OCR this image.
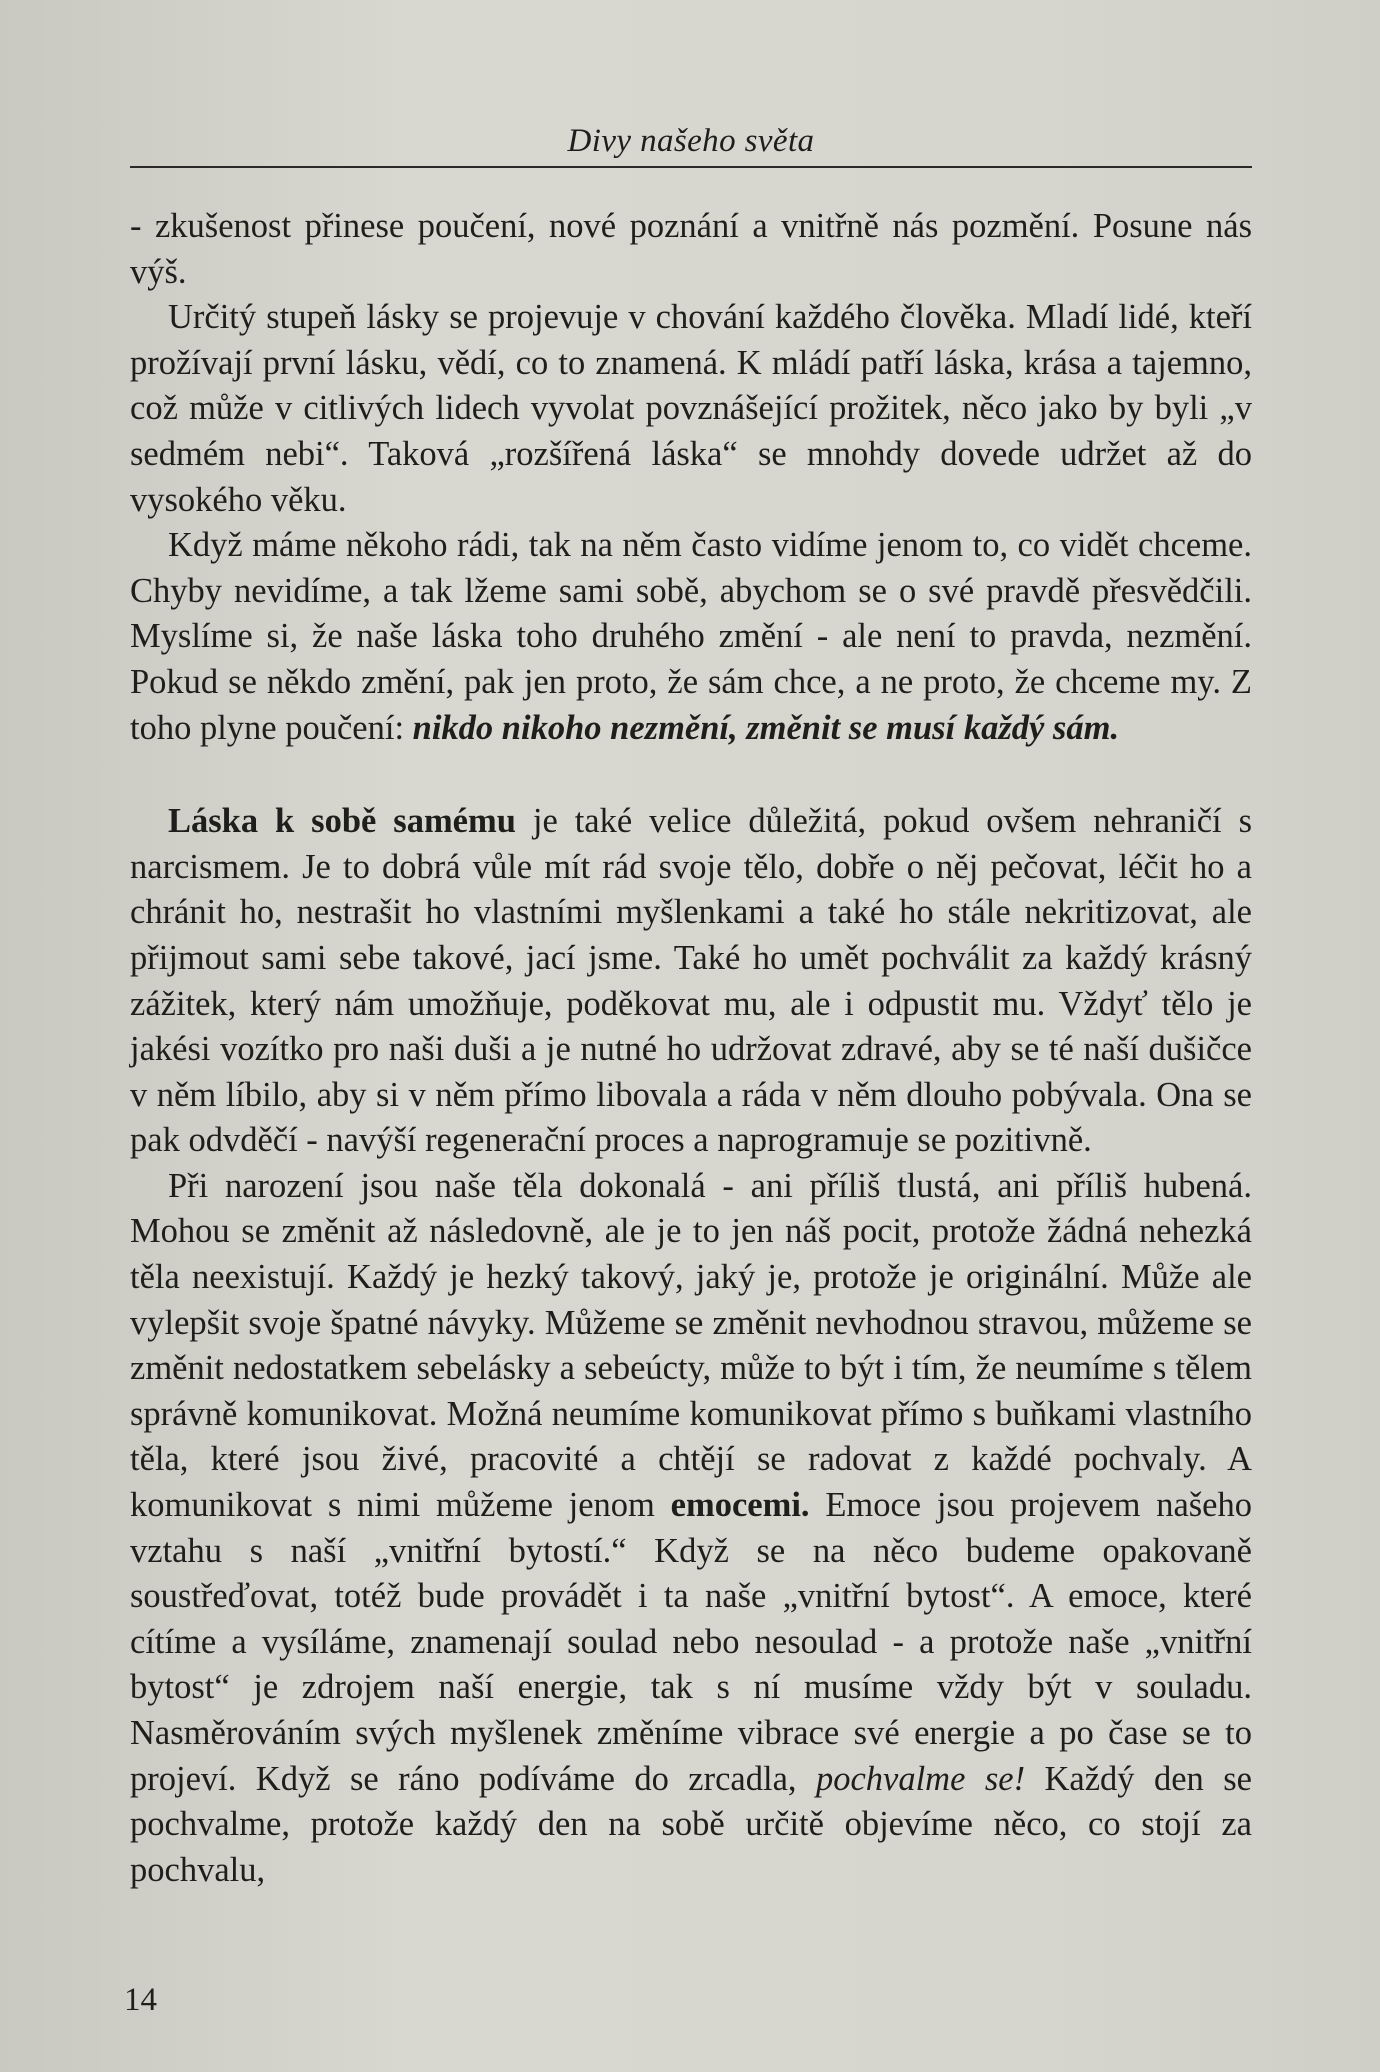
Divy našeho světa

- zkušenost přinese poučení, nové poznání a vnitřně nás pozmění. Posune nás výš.

Určitý stupeň lásky se projevuje v chování každého člověka. Mladí lidé, kteří prožívají první lásku, vědí, co to znamená. K mládí patří láska, krása a tajemno, což může v citlivých lidech vyvolat povznášející prožitek, něco jako by byli „v sedmém nebi“. Taková „rozšířená láska“ se mnohdy dovede udržet až do vysokého věku.

Když máme někoho rádi, tak na něm často vidíme jenom to, co vidět chceme. Chyby nevidíme, a tak lžeme sami sobě, abychom se o své pravdě přesvědčili. Myslíme si, že naše láska toho druhého změní - ale není to pravda, nezmění. Pokud se někdo změní, pak jen proto, že sám chce, a ne proto, že chceme my. Z toho plyne poučení: nikdo nikoho nezmění, změnit se musí každý sám.

Láska k sobě samému je také velice důležitá, pokud ovšem nehraničí s narcismem. Je to dobrá vůle mít rád svoje tělo, dobře o něj pečovat, léčit ho a chránit ho, nestrašit ho vlastními myšlenkami a také ho stále nekritizovat, ale přijmout sami sebe takové, jací jsme. Také ho umět pochválit za každý krásný zážitek, který nám umožňuje, poděkovat mu, ale i odpustit mu. Vždyť tělo je jakési vozítko pro naši duši a je nutné ho udržovat zdravé, aby se té naší dušičce v něm líbilo, aby si v něm přímo libovala a ráda v něm dlouho pobývala. Ona se pak odvděčí - navýší regenerační proces a naprogramuje se pozitivně.

Při narození jsou naše těla dokonalá - ani příliš tlustá, ani příliš hubená. Mohou se změnit až následovně, ale je to jen náš pocit, protože žádná nehezká těla neexistují. Každý je hezký takový, jaký je, protože je originální. Může ale vylepšit svoje špatné návyky. Můžeme se změnit nevhodnou stravou, můžeme se změnit nedostatkem sebelásky a sebeúcty, může to být i tím, že neumíme s tělem správně komunikovat. Možná neumíme komunikovat přímo s buňkami vlastního těla, které jsou živé, pracovité a chtějí se radovat z každé pochvaly. A komunikovat s nimi můžeme jenom emocemi. Emoce jsou projevem našeho vztahu s naší „vnitřní bytostí.“ Když se na něco budeme opakovaně soustřeďovat, totéž bude provádět i ta naše „vnitřní bytost“. A emoce, které cítíme a vysíláme, znamenají soulad nebo nesoulad - a protože naše „vnitřní bytost“ je zdrojem naší energie, tak s ní musíme vždy být v souladu. Nasměrováním svých myšlenek změníme vibrace své energie a po čase se to projeví. Když se ráno podíváme do zrcadla, pochvalme se! Každý den se pochvalme, protože každý den na sobě určitě objevíme něco, co stojí za pochvalu,

14
